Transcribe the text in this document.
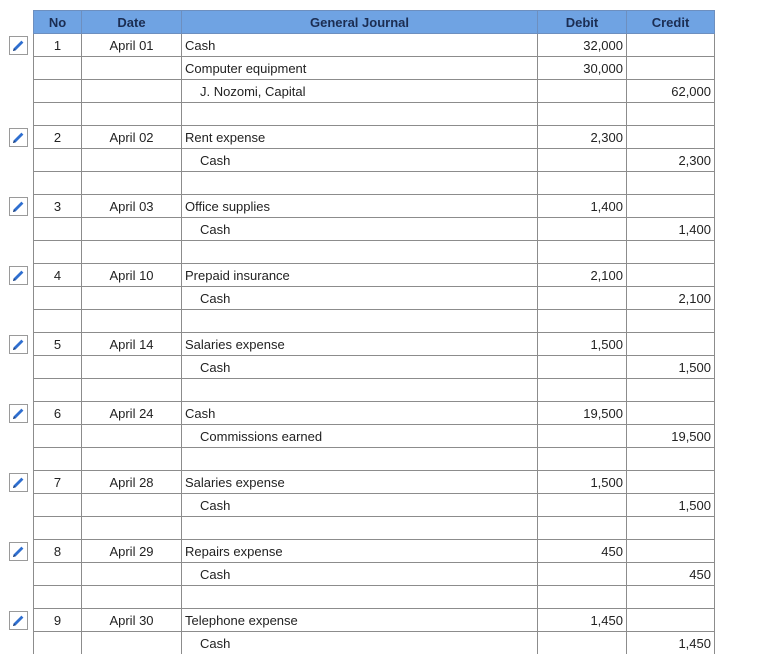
No	Date	General Journal	Debit	Credit
1	April 01	Cash	32,000	
		Computer equipment	30,000	
		J. Nozomi, Capital		62,000

2	April 02	Rent expense	2,300	
		Cash		2,300

3	April 03	Office supplies	1,400	
		Cash		1,400

4	April 10	Prepaid insurance	2,100	
		Cash		2,100

5	April 14	Salaries expense	1,500	
		Cash		1,500

6	April 24	Cash	19,500	
		Commissions earned		19,500

7	April 28	Salaries expense	1,500	
		Cash		1,500

8	April 29	Repairs expense	450	
		Cash		450

9	April 30	Telephone expense	1,450	
		Cash		1,450
